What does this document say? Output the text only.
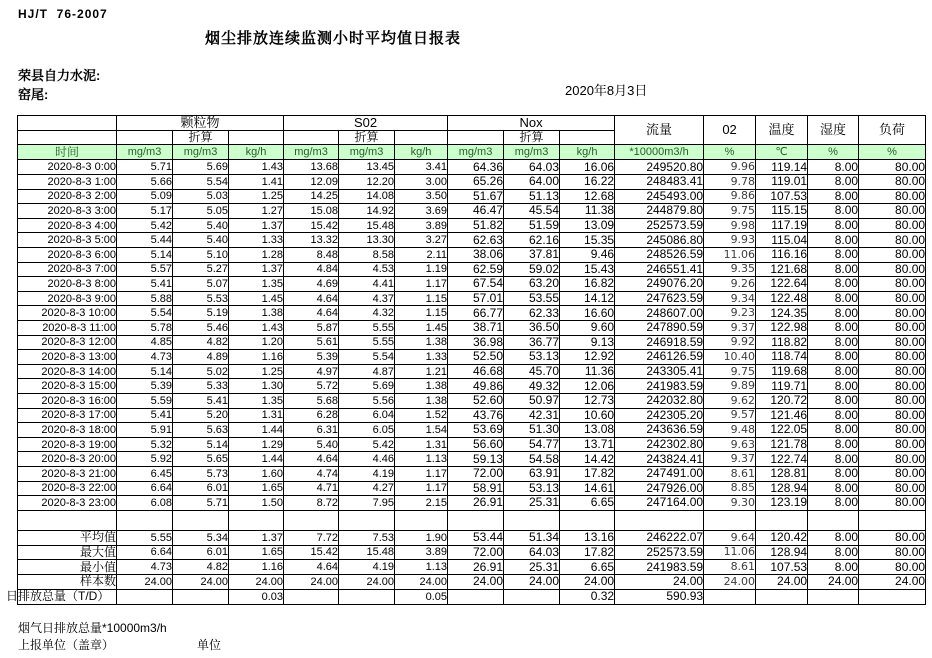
HJ/T  76-2007
烟尘排放连续监测小时平均值日报表
荣县自力水泥:
窑尾:	2020年8月3日
	颗粒物			S02			Nox			流量	02	温度	湿度	负荷
		折算			折算			折算						
时间	mg/m3	mg/m3	kg/h	mg/m3	mg/m3	kg/h	mg/m3	mg/m3	kg/h	*10000m3/h	%	℃	%	%
2020-8-3 0:00	5.71	5.69	1.43	13.68	13.45	3.41	64.36	64.03	16.06	249520.80	9.96	119.14	8.00	80.00
2020-8-3 1:00	5.66	5.54	1.41	12.09	12.20	3.00	65.26	64.00	16.22	248483.41	9.78	119.01	8.00	80.00
2020-8-3 2:00	5.09	5.03	1.25	14.25	14.08	3.50	51.67	51.13	12.68	245493.00	9.86	107.53	8.00	80.00
2020-8-3 3:00	5.17	5.05	1.27	15.08	14.92	3.69	46.47	45.54	11.38	244879.80	9.75	115.15	8.00	80.00
2020-8-3 4:00	5.42	5.40	1.37	15.42	15.48	3.89	51.82	51.59	13.09	252573.59	9.98	117.19	8.00	80.00
2020-8-3 5:00	5.44	5.40	1.33	13.32	13.30	3.27	62.63	62.16	15.35	245086.80	9.93	115.04	8.00	80.00
2020-8-3 6:00	5.14	5.10	1.28	8.48	8.58	2.11	38.06	37.81	9.46	248526.59	11.06	116.16	8.00	80.00
2020-8-3 7:00	5.57	5.27	1.37	4.84	4.53	1.19	62.59	59.02	15.43	246551.41	9.35	121.68	8.00	80.00
2020-8-3 8:00	5.41	5.07	1.35	4.69	4.41	1.17	67.54	63.20	16.82	249076.20	9.26	122.64	8.00	80.00
2020-8-3 9:00	5.88	5.53	1.45	4.64	4.37	1.15	57.01	53.55	14.12	247623.59	9.34	122.48	8.00	80.00
2020-8-3 10:00	5.54	5.19	1.38	4.64	4.32	1.15	66.77	62.33	16.60	248607.00	9.23	124.35	8.00	80.00
2020-8-3 11:00	5.78	5.46	1.43	5.87	5.55	1.45	38.71	36.50	9.60	247890.59	9.37	122.98	8.00	80.00
2020-8-3 12:00	4.85	4.82	1.20	5.61	5.55	1.38	36.98	36.77	9.13	246918.59	9.92	118.82	8.00	80.00
2020-8-3 13:00	4.73	4.89	1.16	5.39	5.54	1.33	52.50	53.13	12.92	246126.59	10.40	118.74	8.00	80.00
2020-8-3 14:00	5.14	5.02	1.25	4.97	4.87	1.21	46.68	45.70	11.36	243305.41	9.75	119.68	8.00	80.00
2020-8-3 15:00	5.39	5.33	1.30	5.72	5.69	1.38	49.86	49.32	12.06	241983.59	9.89	119.71	8.00	80.00
2020-8-3 16:00	5.59	5.41	1.35	5.68	5.56	1.38	52.60	50.97	12.73	242032.80	9.62	120.72	8.00	80.00
2020-8-3 17:00	5.41	5.20	1.31	6.28	6.04	1.52	43.76	42.31	10.60	242305.20	9.57	121.46	8.00	80.00
2020-8-3 18:00	5.91	5.63	1.44	6.31	6.05	1.54	53.69	51.30	13.08	243636.59	9.48	122.05	8.00	80.00
2020-8-3 19:00	5.32	5.14	1.29	5.40	5.42	1.31	56.60	54.77	13.71	242302.80	9.63	121.78	8.00	80.00
2020-8-3 20:00	5.92	5.65	1.44	4.64	4.46	1.13	59.13	54.58	14.42	243824.41	9.37	122.74	8.00	80.00
2020-8-3 21:00	6.45	5.73	1.60	4.74	4.19	1.17	72.00	63.91	17.82	247491.00	8.61	128.81	8.00	80.00
2020-8-3 22:00	6.64	6.01	1.65	4.71	4.27	1.17	58.91	53.13	14.61	247926.00	8.85	128.94	8.00	80.00
2020-8-3 23:00	6.08	5.71	1.50	8.72	7.95	2.15	26.91	25.31	6.65	247164.00	9.30	123.19	8.00	80.00

平均值	5.55	5.34	1.37	7.72	7.53	1.90	53.44	51.34	13.16	246222.07	9.64	120.42	8.00	80.00
最大值	6.64	6.01	1.65	15.42	15.48	3.89	72.00	64.03	17.82	252573.59	11.06	128.94	8.00	80.00
最小值	4.73	4.82	1.16	4.64	4.19	1.13	26.91	25.31	6.65	241983.59	8.61	107.53	8.00	80.00
样本数	24.00	24.00	24.00	24.00	24.00	24.00	24.00	24.00	24.00	24.00	24.00	24.00	24.00	24.00
日排放总量（T/D）			0.03			0.05			0.32	590.93				
烟气日排放总量*10000m3/h
上报单位（盖章）	单位
